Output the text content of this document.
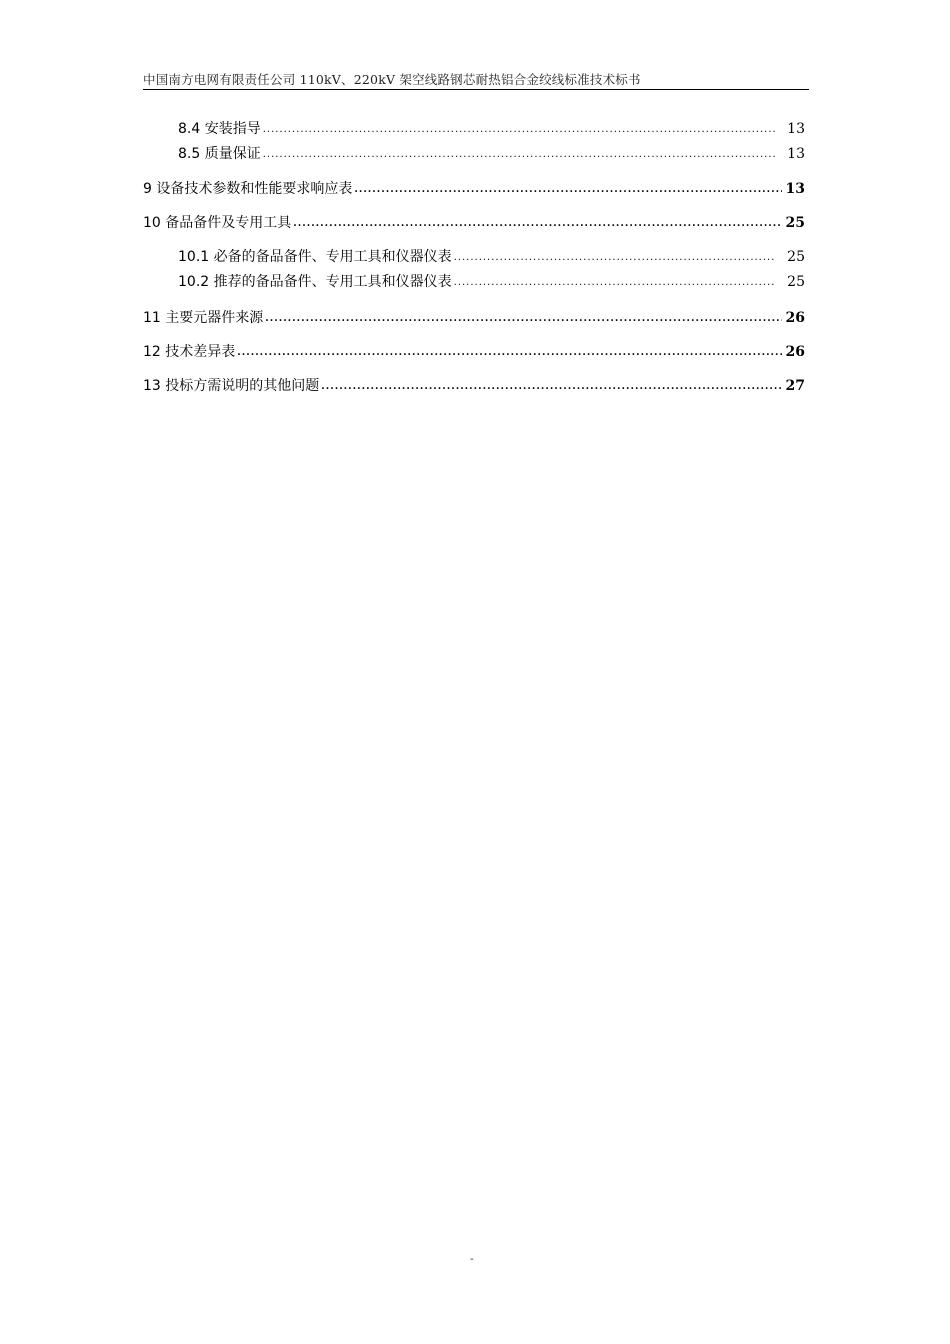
中国南方电网有限责任公司 110kV、220kV 架空线路钢芯耐热铝合金绞线标准技术标书
8.4 安装指导 .....	13
8.5 质量保证 .....	13
9 设备技术参数和性能要求响应表 .....	13
10 备品备件及专用工具 .....	25
10.1 必备的备品备件、专用工具和仪器仪表 .....	25
10.2 推荐的备品备件、专用工具和仪器仪表 .....	25
11 主要元器件来源 .....	26
12 技术差异表 .....	26
13 投标方需说明的其他问题 .....	27
-
